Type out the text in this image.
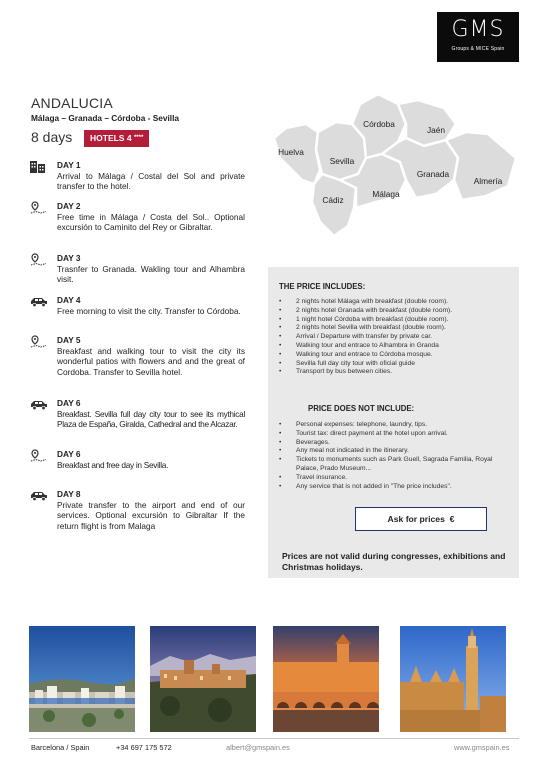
GMS
Groups & MICE Spain
ANDALUCIA
Málaga – Granada – Córdoba - Sevilla
8 days	HOTELS 4 ****
DAY 1
Arrival to Málaga / Costal del Sol and private transfer to the hotel.
DAY 2
Free time in Málaga / Costa del Sol.. Optional excursión to Caminito del Rey or Gibraltar.
DAY 3
Trasnfer to Granada. Wakling tour and Alhambra visit.
DAY 4
Free morning to visit the city. Transfer to Córdoba.
DAY 5
Breakfast and walking tour to visit the city its wonderful patios with flowers and and the great of Cordoba. Transfer to Sevilla hotel.
DAY 6
Breakfast. Sevilla full day city tour to see its mythical Plaza de España, Giralda, Cathedral and the Alcazar.
DAY 6
Breakfast and free day in Sevilla.
DAY 8
Private transfer to the airport and end of our services. Optional excursión to Gibraltar If the return flight is from Malaga
Huelva
Sevilla
Córdoba
Jaén
Cádiz
Málaga
Granada
Almería
THE PRICE INCLUDES:
• 2 nights hotel Málaga with breakfast (double room).
• 2 nights hotel Granada with breakfast (double room).
• 1 night hotel Córdoba with breakfast (double room).
• 2 nights hotel Sevilla with breakfast (double room).
• Arrival / Departure with transfer by private car.
• Walking tour and entrace to Alhambra in Granda
• Walking tour and entrace to Córdoba mosque.
• Sevilla full day city tour with oficial guide
• Transport by bus between cities.
PRICE DOES NOT INCLUDE:
• Personal expenses: telephone, laundry, tips.
• Tourist tax: direct payment at the hotel upon arrival.
• Beverages.
• Any meal not indicated in the itinerary.
• Tickets to monuments such as Park Guell, Sagrada Familia, Royal Palace, Prado Museum...
• Travel insurance.
• Any service that is not added in "The price includes".
Ask for prices €
Prices are not valid during congresses, exhibitions and Christmas holidays.
Barcelona / Spain	+34 697 175 572	albert@gmspain.es	www.gmspain.es
